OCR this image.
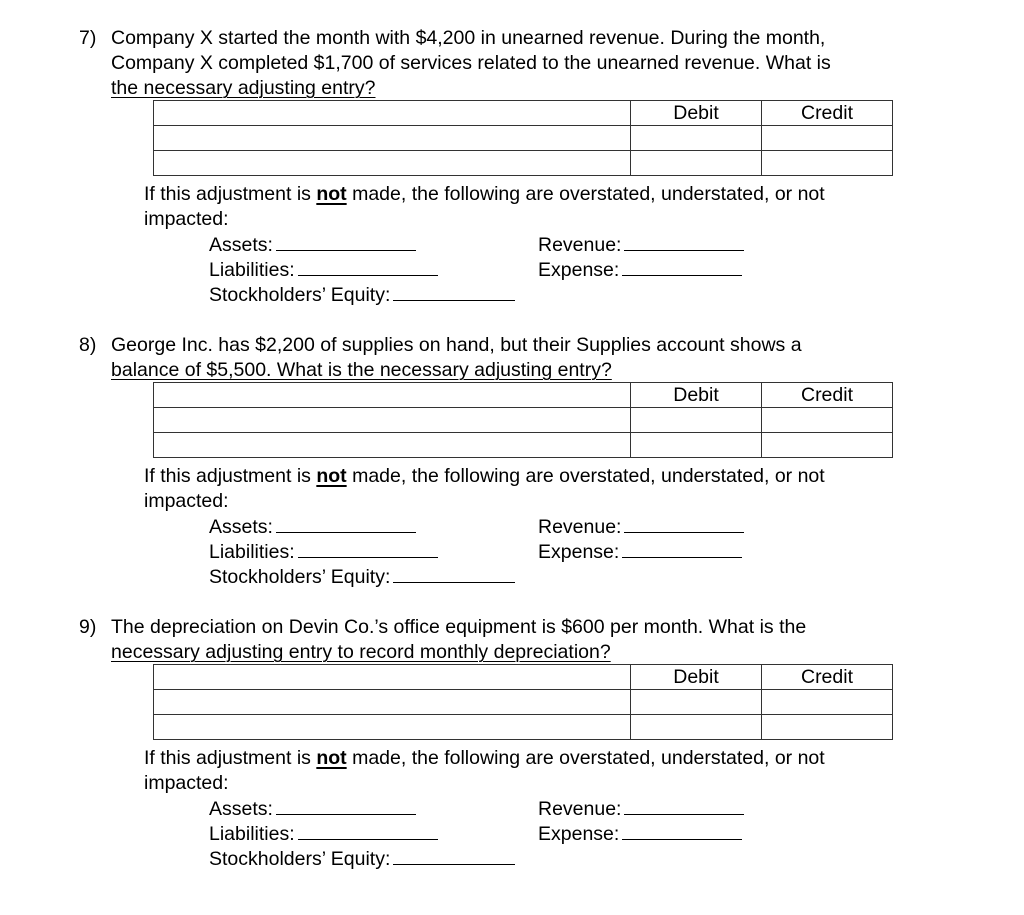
7) Company X started the month with $4,200 in unearned revenue. During the month,
Company X completed $1,700 of services related to the unearned revenue. What is
the necessary adjusting entry?
	Debit	Credit

If this adjustment is not made, the following are overstated, understated, or not
impacted:
Assets:	Revenue:
Liabilities:	Expense:
Stockholders’ Equity:
8) George Inc. has $2,200 of supplies on hand, but their Supplies account shows a
balance of $5,500. What is the necessary adjusting entry?
	Debit	Credit

If this adjustment is not made, the following are overstated, understated, or not
impacted:
Assets:	Revenue:
Liabilities:	Expense:
Stockholders’ Equity:
9) The depreciation on Devin Co.’s office equipment is $600 per month. What is the
necessary adjusting entry to record monthly depreciation?
	Debit	Credit

If this adjustment is not made, the following are overstated, understated, or not
impacted:
Assets:	Revenue:
Liabilities:	Expense:
Stockholders’ Equity:
